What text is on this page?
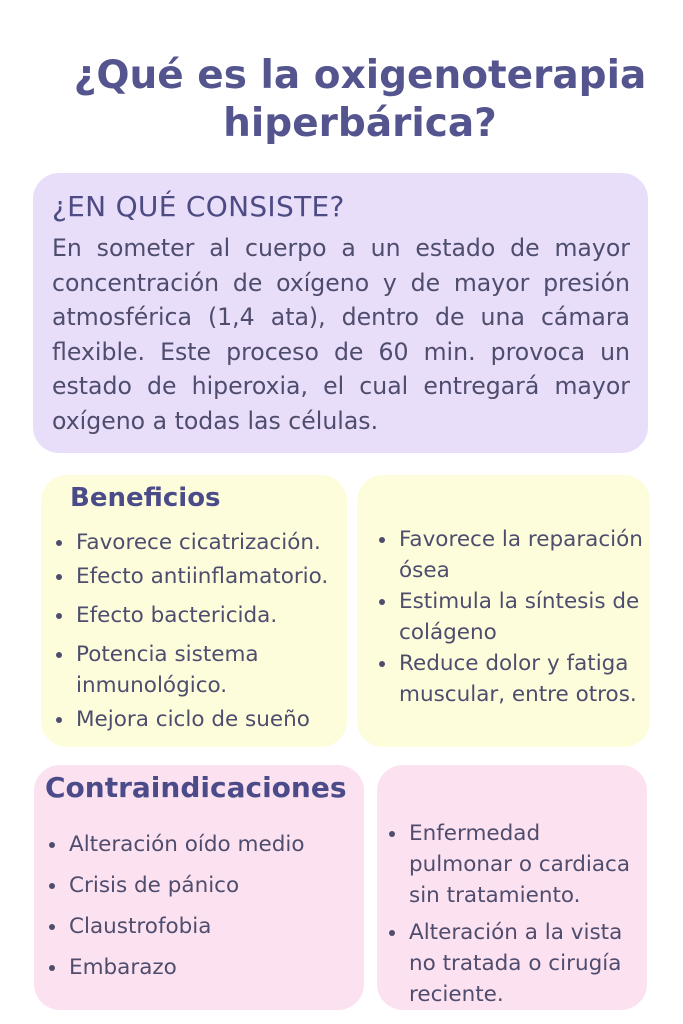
¿Qué es la oxigenoterapia
hiperbárica?
¿EN QUÉ CONSISTE?

En someter al cuerpo a un estado de mayor concentración de oxígeno y de mayor presión atmosférica (1,4 ata), dentro de una cámara flexible. Este proceso de 60 min. provoca un estado de hiperoxia, el cual entregará mayor oxígeno a todas las células.

Beneficios
Favorece cicatrización.
Efecto antiinflamatorio.
Efecto bactericida.
Potencia sistema inmunológico.
Mejora ciclo de sueño
Favorece la reparación ósea
Estimula la síntesis de colágeno
Reduce dolor y fatiga muscular, entre otros.
Contraindicaciones
Alteración oído medio
Crisis de pánico
Claustrofobia
Embarazo
Enfermedad pulmonar o cardiaca sin tratamiento.
Alteración a la vista no tratada o cirugía reciente.
